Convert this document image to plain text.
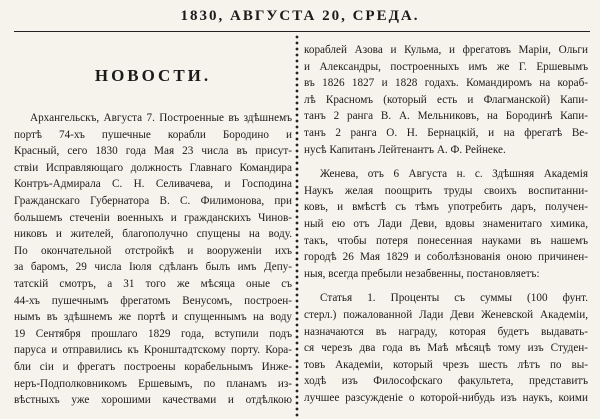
1830, АВГУСТА 20, СРЕДА.
НОВОСТИ.
Архангельскъ, Августа 7. Построенные въ здѣшнемъ
портѣ 74-хъ пушечные корабли Бородино и
Красный, сего 1830 года Мая 23 числа въ присут-
ствіи Исправляющаго должность Главнаго Командира
Контръ-Адмирала С. Н. Селивачева, и Господина
Гражданскаго Губернатора В. С. Филимонова, при
большемъ стеченіи военныхъ и гражданскихъ Чинов-
никовъ и жителей, благополучно спущены на воду.
По окончательной отстройкѣ и вооруженіи ихъ
за баромъ, 29 числа Іюля сдѣланъ былъ имъ Депу-
татскій смотръ, а 31 того же мѣсяца оные съ
44-хъ пушечнымъ фрегатомъ Венусомъ, построен-
нымъ въ здѣшнемъ же портѣ и спущеннымъ на воду
19 Сентября прошлаго 1829 года, вступили подъ
паруса и отправились къ Кронштадтскому порту. Кора-
бли сіи и фрегатъ построены корабельнымъ Инже-
неръ-Подполковникомъ Ершевымъ, по планамъ из-
вѣстныхъ уже хорошими качествами и отдѣлкою
кораблей Азова и Кульма, и фрегатовъ Маріи, Ольги
и Александры, построенныхъ имъ же Г. Ершевымъ
въ 1826 1827 и 1828 годахъ. Командиромъ на кораб-
лѣ Красномъ (который есть и Флагманской) Капи-
танъ 2 ранга В. А. Мельниковъ, на Бородинѣ Капи-
танъ 2 ранга О. Н. Бернацкій, и на фрегатѣ Ве-
нусѣ Капитанъ Лейтенантъ А. Ф. Рейнеке.
Женева, отъ 6 Августа н. с. Здѣшняя Академія
Наукъ желая поощрить труды своихъ воспитанни-
ковъ, и вмѣстѣ съ тѣмъ употребить даръ, получен-
ный ею отъ Лади Деви, вдовы знаменитаго химика,
такъ, чтобы потеря понесенная науками въ нашемъ
городѣ 26 Мая 1829 и соболѣзнованія оною причинен-
ныя, всегда пребыли незабвенны, постановляетъ:
Статья 1. Проценты съ суммы (100 фунт.
стерл.) пожалованной Лади Деви Женевской Академіи,
назначаются въ награду, которая будетъ выдавать-
ся черезъ два года въ Маѣ мѣсяцѣ тому изъ Студен-
товъ Академіи, который чрезъ шесть лѣтъ по вы-
ходѣ изъ Философскаго факультета, представитъ
лучшее разсужденіе о которой-нибудь изъ наукъ, коими
